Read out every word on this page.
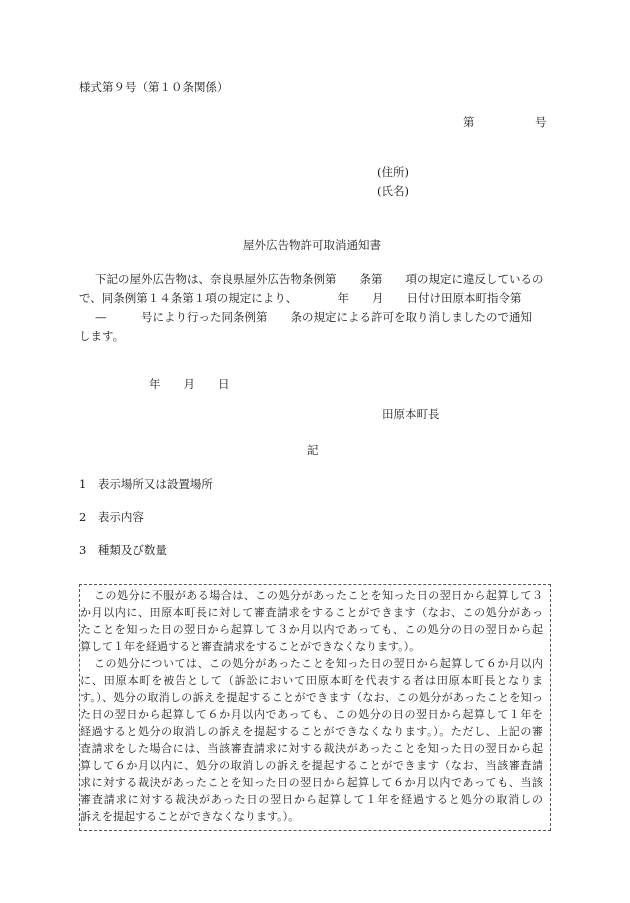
様式第９号（第１０条関係）
第	号
(住所)
(氏名)
屋外広告物許可取消通知書
下記の屋外広告物は、奈良県屋外広告物条例第　　条第　　項の規定に違反しているの
で、同条例第１４条第１項の規定により、　　　　年　　月　　日付け田原本町指令第
—　　　号により行った同条例第　　条の規定による許可を取り消しましたので通知
します。
年　　月　　日
田原本町長
記
1　表示場所又は設置場所
2　表示内容
3　種類及び数量
この処分に不服がある場合は、この処分があったことを知った日の翌日から起算して３
か月以内に、田原本町長に対して審査請求をすることができます（なお、この処分があっ
たことを知った日の翌日から起算して３か月以内であっても、この処分の日の翌日から起
算して１年を経過すると審査請求をすることができなくなります。）。
この処分については、この処分があったことを知った日の翌日から起算して６か月以内
に、田原本町を被告として（訴訟において田原本町を代表する者は田原本町長となりま
す。）、処分の取消しの訴えを提起することができます（なお、この処分があったことを知っ
た日の翌日から起算して６か月以内であっても、この処分の日の翌日から起算して１年を
経過すると処分の取消しの訴えを提起することができなくなります。）。ただし、上記の審
査請求をした場合には、当該審査請求に対する裁決があったことを知った日の翌日から起
算して６か月以内に、処分の取消しの訴えを提起することができます（なお、当該審査請
求に対する裁決があったことを知った日の翌日から起算して６か月以内であっても、当該
審査請求に対する裁決があった日の翌日から起算して１年を経過すると処分の取消しの
訴えを提起することができなくなります。）。
